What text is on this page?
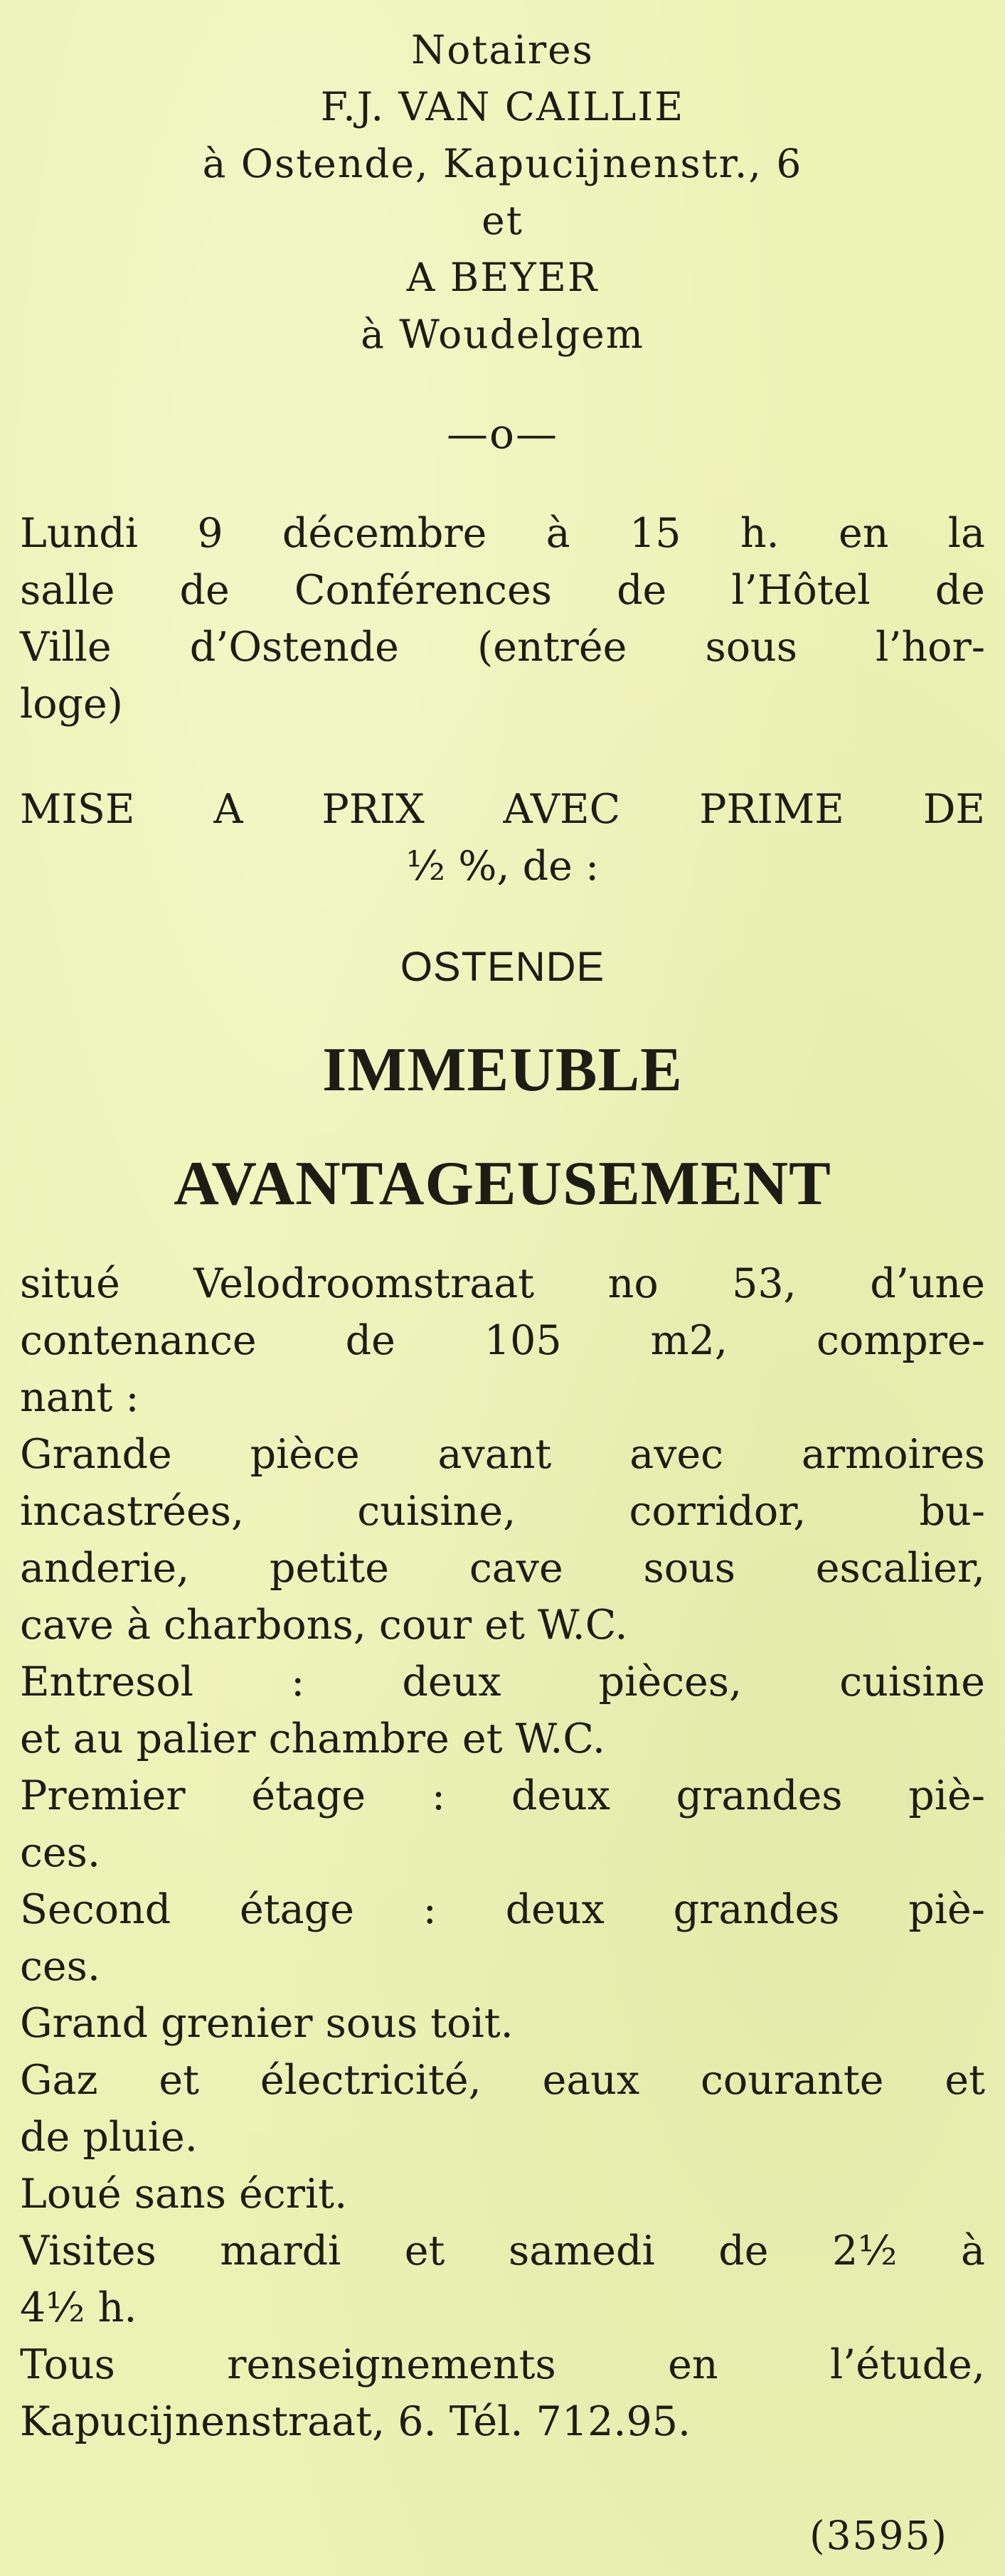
Notaires
F.J. VAN CAILLIE
à Ostende, Kapucijnenstr., 6
et
A BEYER
à Woudelgem
—o—
Lundi 9 décembre à 15 h. en la
salle de Conférences de l’Hôtel de
Ville d’Ostende (entrée sous l’hor-
loge)
MISE A PRIX AVEC PRIME DE
½ %, de :
OSTENDE
IMMEUBLE
AVANTAGEUSEMENT
situé Velodroomstraat no 53, d’une
contenance de 105 m2, compre-
nant :
Grande pièce avant avec armoires
incastrées, cuisine, corridor, bu-
anderie, petite cave sous escalier,
cave à charbons, cour et W.C.
Entresol : deux pièces, cuisine
et au palier chambre et W.C.
Premier étage : deux grandes piè-
ces.
Second étage : deux grandes piè-
ces.
Grand grenier sous toit.
Gaz et électricité, eaux courante et
de pluie.
Loué sans écrit.
Visites mardi et samedi de 2½ à
4½ h.
Tous renseignements en l’étude,
Kapucijnenstraat, 6. Tél. 712.95.
(3595)
